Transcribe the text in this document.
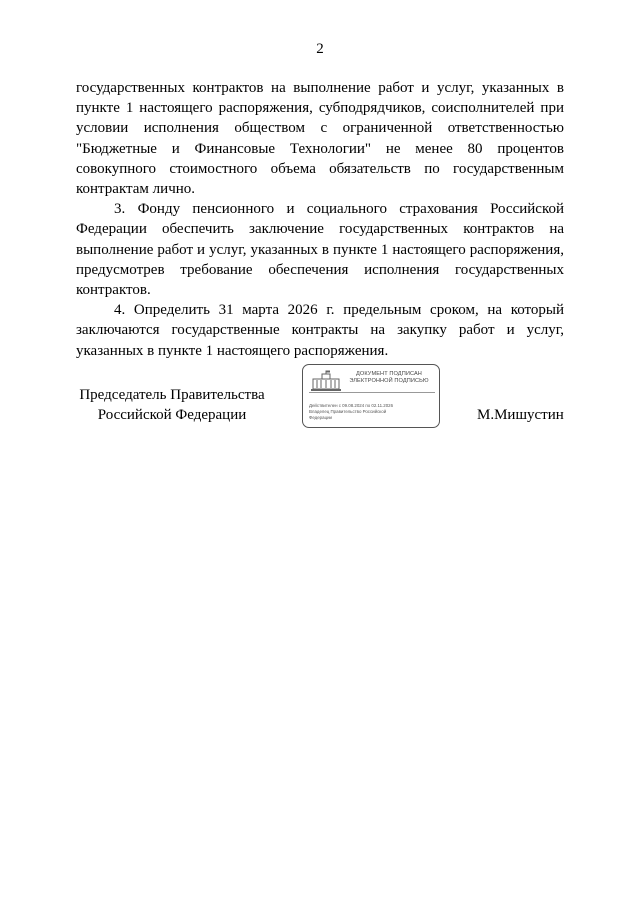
2

государственных контрактов на выполнение работ и услуг, указанных в пункте 1 настоящего распоряжения, субподрядчиков, соисполнителей при условии исполнения обществом с ограниченной ответственностью "Бюджетные и Финансовые Технологии" не менее 80 процентов совокупного стоимостного объема обязательств по государственным контрактам лично.

3. Фонду пенсионного и социального страхования Российской Федерации обеспечить заключение государственных контрактов на выполнение работ и услуг, указанных в пункте 1 настоящего распоряжения, предусмотрев требование обеспечения исполнения государственных контрактов.

4. Определить 31 марта 2026 г. предельным сроком, на который заключаются государственные контракты на закупку работ и услуг, указанных в пункте 1 настоящего распоряжения.

Председатель Правительства
Российской Федерации
ДОКУМЕНТ ПОДПИСАН
ЭЛЕКТРОННОЙ ПОДПИСЬЮ
Действителен с 09.08.2024 по 02.11.2026
Владелец Правительство Российской
Федерации	М.Мишустин
